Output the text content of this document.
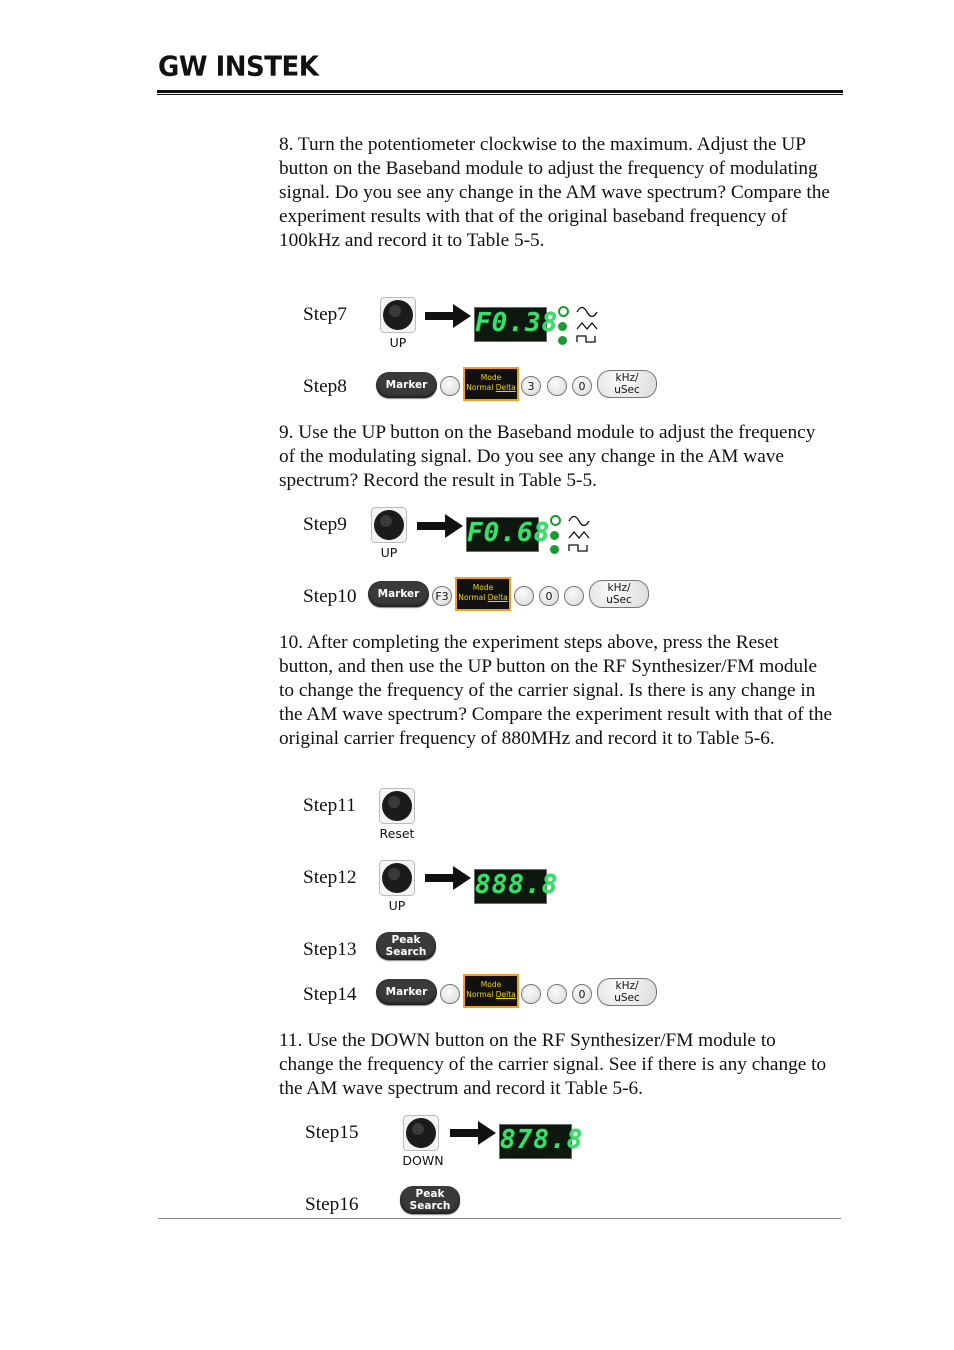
GW INSTEK

8. Turn the potentiometer clockwise to the maximum. Adjust the UP button on the Baseband module to adjust the frequency of modulating signal. Do you see any change in the AM wave spectrum? Compare the experiment results with that of the original baseband frequency of 100kHz and record it to Table 5-5.

Step7
UP
F0.38
Step8	Marker
Mode
Normal Delta	3	0
kHz/
uSec

9. Use the UP button on the Baseband module to adjust the frequency of the modulating signal. Do you see any change in the AM wave spectrum? Record the result in Table 5-5.

Step9
UP
F0.68
Step10	Marker	F3
Mode
Normal Delta	0
kHz/
uSec

10. After completing the experiment steps above, press the Reset button, and then use the UP button on the RF Synthesizer/FM module to change the frequency of the carrier signal. Is there is any change in the AM wave spectrum? Compare the experiment result with that of the original carrier frequency of 880MHz and record it to Table 5-6.

Step11
Reset
Step12
UP
888.8
Step13	Peak Search
Step14	Marker
Mode
Normal Delta	0
kHz/
uSec

11. Use the DOWN button on the RF Synthesizer/FM module to change the frequency of the carrier signal. See if there is any change to the AM wave spectrum and record it Table 5-6.

Step15
DOWN
878.8
Step16	Peak Search
